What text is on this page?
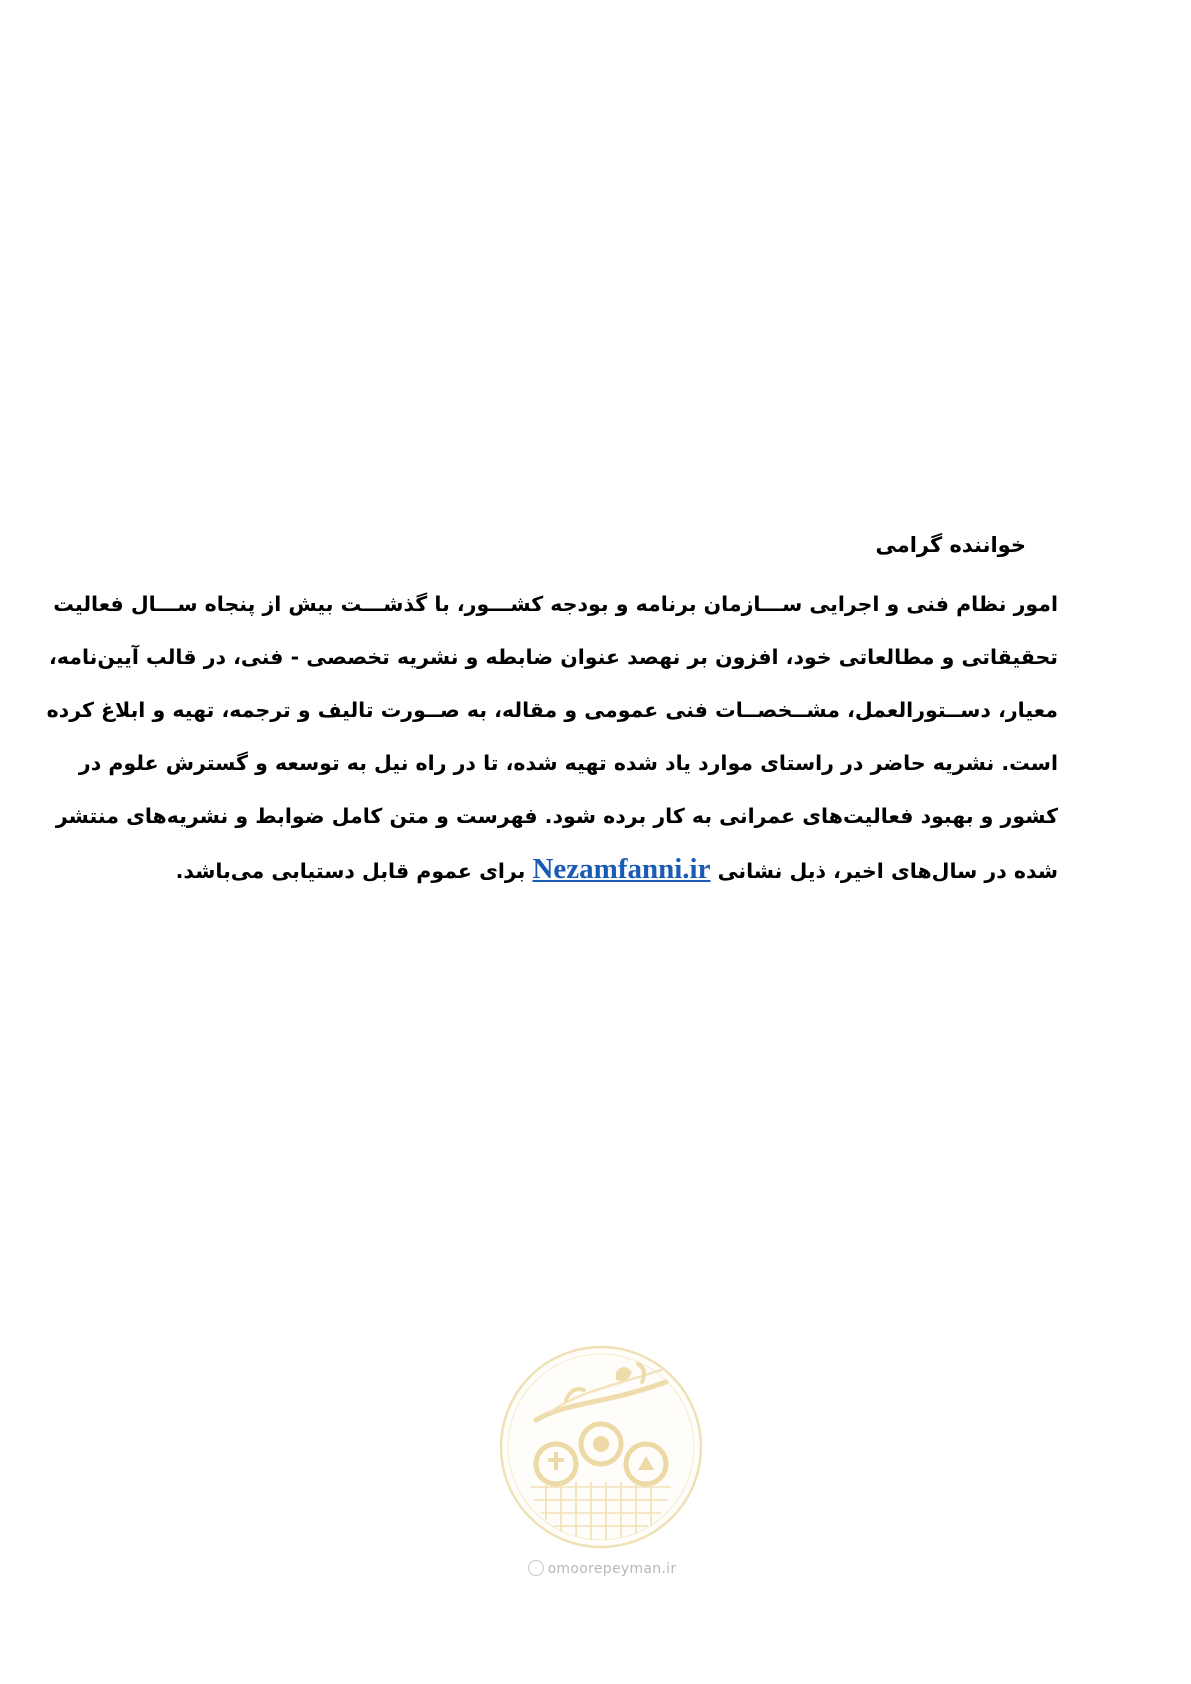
خواننده گرامی
امور نظام فنی و اجرایی ســـازمان برنامه و بودجه کشـــور، با گذشـــت بیش از پنجاه ســـال فعالیت
تحقیقاتی و مطالعاتی خود، افزون بر نهصد عنوان ضابطه و نشریه تخصصی - فنی، در قالب آیین‌نامه،
معیار، دســتورالعمل، مشــخصــات فنی عمومی و مقاله، به صــورت تالیف و ترجمه، تهیه و ابلاغ کرده
است. نشریه حاضر در راستای موارد یاد شده تهیه شده، تا در راه نیل به توسعه و گسترش علوم در
کشور و بهبود فعالیت‌های عمرانی به کار برده شود. فهرست و متن کامل ضوابط و نشریه‌های منتشر
شده در سال‌های اخیر، ذیل نشانی Nezamfanni.ir برای عموم قابل دستیابی می‌باشد.
omoorepeyman.ir
